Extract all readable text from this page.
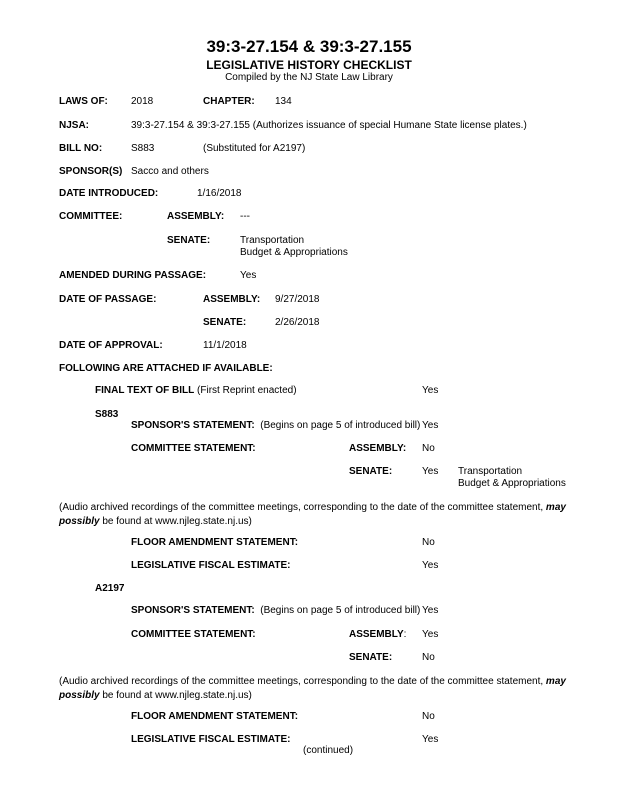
39:3-27.154 & 39:3-27.155
LEGISLATIVE HISTORY CHECKLIST
Compiled by the NJ State Law Library
LAWS OF: 2018	CHAPTER: 134
NJSA:	39:3-27.154 & 39:3-27.155 (Authorizes issuance of special Humane State license plates.)
BILL NO:	S883	(Substituted for A2197)
SPONSOR(S) Sacco and others
DATE INTRODUCED:	1/16/2018
COMMITTEE:	ASSEMBLY: ---
SENATE:	Transportation
Budget & Appropriations
AMENDED DURING PASSAGE:	Yes
DATE OF PASSAGE:	ASSEMBLY: 9/27/2018
SENATE:	2/26/2018
DATE OF APPROVAL:	11/1/2018
FOLLOWING ARE ATTACHED IF AVAILABLE:
FINAL TEXT OF BILL (First Reprint enacted)	Yes
S883
SPONSOR'S STATEMENT: (Begins on page 5 of introduced bill) Yes
COMMITTEE STATEMENT:	ASSEMBLY: No
SENATE:	Yes Transportation
Budget & Appropriations
(Audio archived recordings of the committee meetings, corresponding to the date of the committee statement, may possibly be found at www.njleg.state.nj.us)
FLOOR AMENDMENT STATEMENT:	No
LEGISLATIVE FISCAL ESTIMATE:	Yes
A2197
SPONSOR'S STATEMENT: (Begins on page 5 of introduced bill) Yes
COMMITTEE STATEMENT:	ASSEMBLY: Yes
SENATE:	No
(Audio archived recordings of the committee meetings, corresponding to the date of the committee statement, may possibly be found at www.njleg.state.nj.us)
FLOOR AMENDMENT STATEMENT:	No
LEGISLATIVE FISCAL ESTIMATE:	Yes
(continued)
